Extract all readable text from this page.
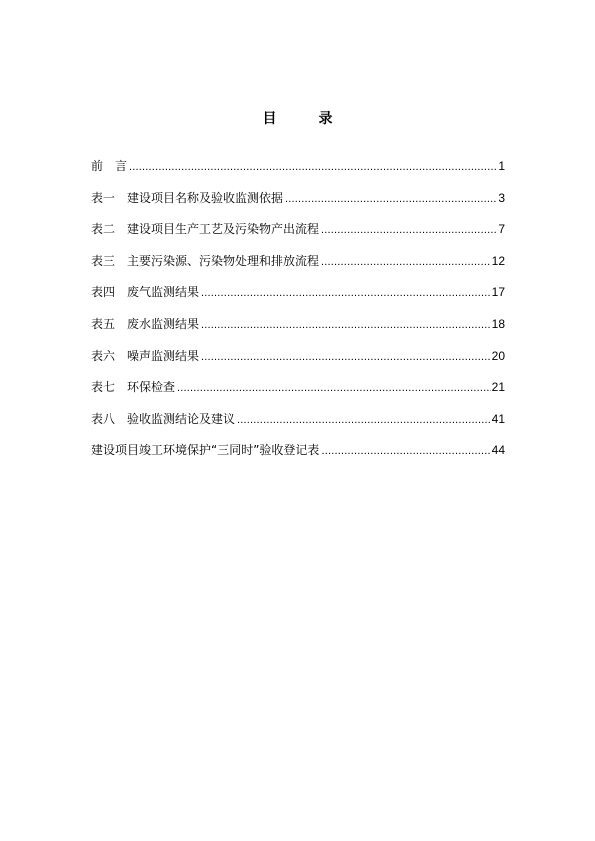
目　录
前　言 .....	1
表一　建设项目名称及验收监测依据 .....	3
表二　建设项目生产工艺及污染物产出流程 .....	7
表三　主要污染源、污染物处理和排放流程 .....	12
表四　废气监测结果 .....	17
表五　废水监测结果 .....	18
表六　噪声监测结果 .....	20
表七　环保检查 .....	21
表八　验收监测结论及建议 .....	41
建设项目竣工环境保护“三同时”验收登记表 .....	44
